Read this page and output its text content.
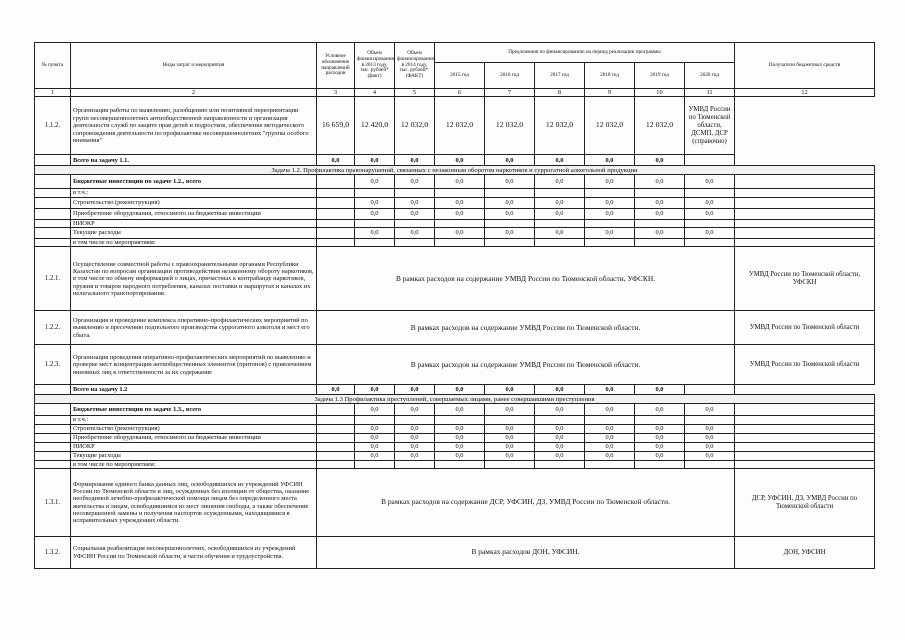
№ пункта	Виды затрат и мероприятия	Условное обозначение направлений расходов	Объем финансирования в 2013 году, тыс. рублей* (факт)	Объем финансирования в 2014 году, тыс. рублей*. (ФАКТ)	Предложения по финансированию на период реализации программы						Получатели бюджетных средств
					2015 год	2016 год	2017 год	2018 год	2019 год	2020 год	
1	2	3	4	5	6	7	8	9	10	11	12
1.1.2.	Организация работы по выявлению, разобщению или позитивной переориентации групп несовершеннолетних антиобщественной направленности и организация деятельности служб по защите прав детей и подростков, обеспечение методического сопровождения деятельности по профилактике несовершеннолетних "группы особого внимания"	16 659,0	12 420,0	12 032,0	12 032,0	12 032,0	12 032,0	12 032,0	12 032,0	УМВД России по Тюменской области, ДСМП, ДСР (справочно)	
	Всего на задачу 1.1.	0,0	0,0	0,0	0,0	0,0	0,0	0,0	0,0		
Задача 1.2. Профилактика правонарушений, связанных с незаконным оборотом наркотиков и суррогатной алкогольной продукции											
	Бюджетные инвестиции по задаче 1.2., всего		0,0	0,0	0,0	0,0	0,0	0,0	0,0	0,0	
	в т.ч.:										
	Строительство (реконструкция)		0,0	0,0	0,0	0,0	0,0	0,0	0,0	0,0	
	Приобретение оборудования, относимого на бюджетные инвестиции		0,0	0,0	0,0	0,0	0,0	0,0	0,0	0,0	
	НИОКР										
	Текущие расходы		0,0	0,0	0,0	0,0	0,0	0,0	0,0	0,0	
	в том числе по мероприятиям:										
1.2.1.	Осуществление совместной работы с правоохранительными органами Республики Казахстан по вопросам организации противодействия незаконному обороту наркотиков, в том числе по обмену информацией о лицах, причастных к контрабанде наркотиков, оружия и товаров народного потребления, каналах поставки и маршрутах и каналах их нелегального транспортирования.	В рамках расходов на содержание УМВД России по Тюменской области, УФСКН.									УМВД России по Тюменской области, УФСКН
1.2.2.	Организация и проведение комплекса оперативно-профилактических мероприятий по выявлению и пресечению подпольного производства суррогатного алкоголя и мест его сбыта.	В рамках расходов на содержание УМВД России по Тюменской области.									УМВД России по Тюменской области
1.2.3.	Организация проведения оперативно-профилактических мероприятий по выявлению и проверке мест концентрации антиобщественных элементов (притонов) с привлечением виновных лиц к ответственности за их содержание	В рамках расходов на содержание УМВД России по Тюменской области.									УМВД России по Тюменской области
	Всего на задачу 1.2	0,0	0,0	0,0	0,0	0,0	0,0	0,0	0,0		
Задача 1.3 Профилактика преступлений, совершаемых лицами, ранее совершавшими преступления											
	Бюджетные инвестиции по задаче 1.3., всего		0,0	0,0	0,0	0,0	0,0	0,0	0,0	0,0	
	в т.ч.:										
	Строительство (реконструкция)		0,0	0,0	0,0	0,0	0,0	0,0	0,0	0,0	
	Приобретение оборудования, относимого на бюджетные инвестиции		0,0	0,0	0,0	0,0	0,0	0,0	0,0	0,0	
	НИОКР		0,0	0,0	0,0	0,0	0,0	0,0	0,0	0,0	
	Текущие расходы		0,0	0,0	0,0	0,0	0,0	0,0	0,0	0,0	
	в том числе по мероприятиям:										
1.3.1.	Формирование единого банка данных лиц, освободившихся из учреждений УФСИН России по Тюменской области и лиц, осужденных без изоляции от общества, оказание необходимой лечебно-профилактической помощи лицам без определенного места жительства и лицам, освободившимся из мест лишения свободы, а также обеспечение несовершенной замены и получения паспортов осужденными, находящимися в исправительных учреждениях области.	В рамках расходов на содержание ДСР, УФСИН, ДЗ, УМВД России по Тюменской области.									ДСР, УФСИН, ДЗ, УМВД России по Тюменской области
1.3.2.	Социальная реабилитация несовершеннолетних, освободившихся из учреждений УФСИН России по Тюменской области, в части обучения и трудоустройства.	В рамках расходов ДОН, УФСИН.									ДОН, УФСИН
